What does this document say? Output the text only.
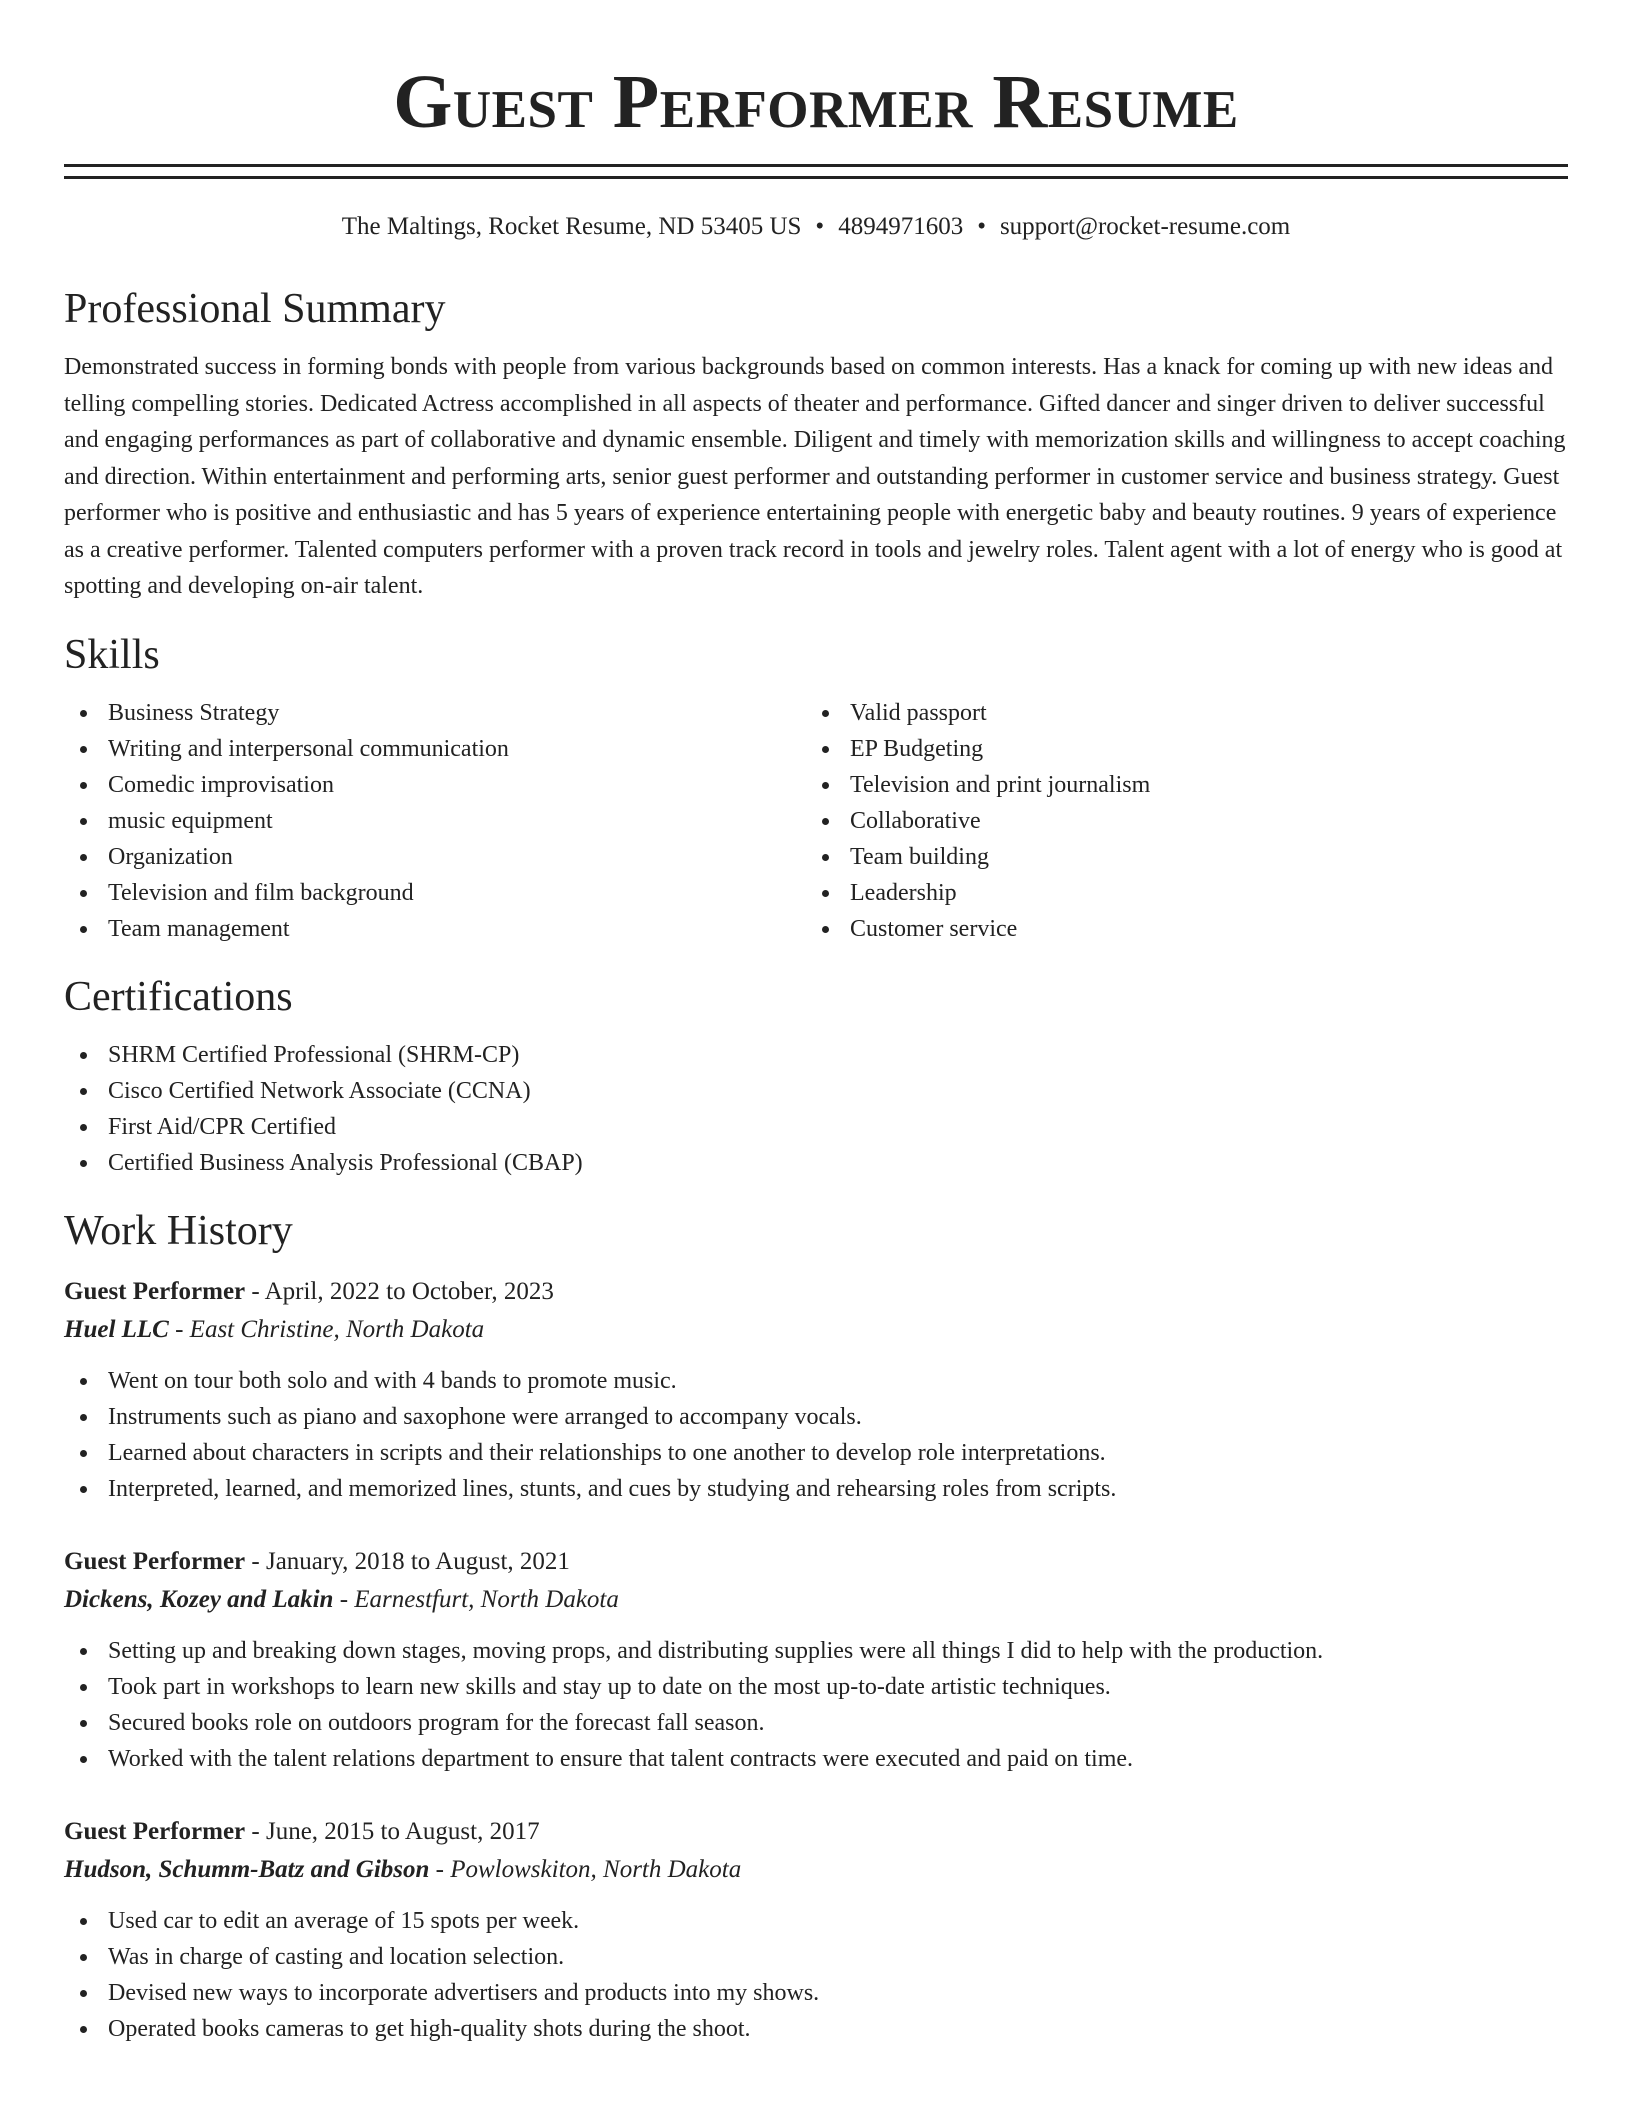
Guest Performer Resume
The Maltings, Rocket Resume, ND 53405 US • 4894971603 • support@rocket-resume.com
Professional Summary

Demonstrated success in forming bonds with people from various backgrounds based on common interests. Has a knack for coming up with new ideas and telling compelling stories. Dedicated Actress accomplished in all aspects of theater and performance. Gifted dancer and singer driven to deliver successful and engaging performances as part of collaborative and dynamic ensemble. Diligent and timely with memorization skills and willingness to accept coaching and direction. Within entertainment and performing arts, senior guest performer and outstanding performer in customer service and business strategy. Guest performer who is positive and enthusiastic and has 5 years of experience entertaining people with energetic baby and beauty routines. 9 years of experience as a creative performer. Talented computers performer with a proven track record in tools and jewelry roles. Talent agent with a lot of energy who is good at spotting and developing on-air talent.

Skills
Business Strategy
Writing and interpersonal communication
Comedic improvisation
music equipment
Organization
Television and film background
Team management
Valid passport
EP Budgeting
Television and print journalism
Collaborative
Team building
Leadership
Customer service
Certifications
SHRM Certified Professional (SHRM-CP)
Cisco Certified Network Associate (CCNA)
First Aid/CPR Certified
Certified Business Analysis Professional (CBAP)
Work History
Guest Performer - April, 2022 to October, 2023
Huel LLC - East Christine, North Dakota
Went on tour both solo and with 4 bands to promote music.
Instruments such as piano and saxophone were arranged to accompany vocals.
Learned about characters in scripts and their relationships to one another to develop role interpretations.
Interpreted, learned, and memorized lines, stunts, and cues by studying and rehearsing roles from scripts.
Guest Performer - January, 2018 to August, 2021
Dickens, Kozey and Lakin - Earnestfurt, North Dakota
Setting up and breaking down stages, moving props, and distributing supplies were all things I did to help with the production.
Took part in workshops to learn new skills and stay up to date on the most up-to-date artistic techniques.
Secured books role on outdoors program for the forecast fall season.
Worked with the talent relations department to ensure that talent contracts were executed and paid on time.
Guest Performer - June, 2015 to August, 2017
Hudson, Schumm-Batz and Gibson - Powlowskiton, North Dakota
Used car to edit an average of 15 spots per week.
Was in charge of casting and location selection.
Devised new ways to incorporate advertisers and products into my shows.
Operated books cameras to get high-quality shots during the shoot.
